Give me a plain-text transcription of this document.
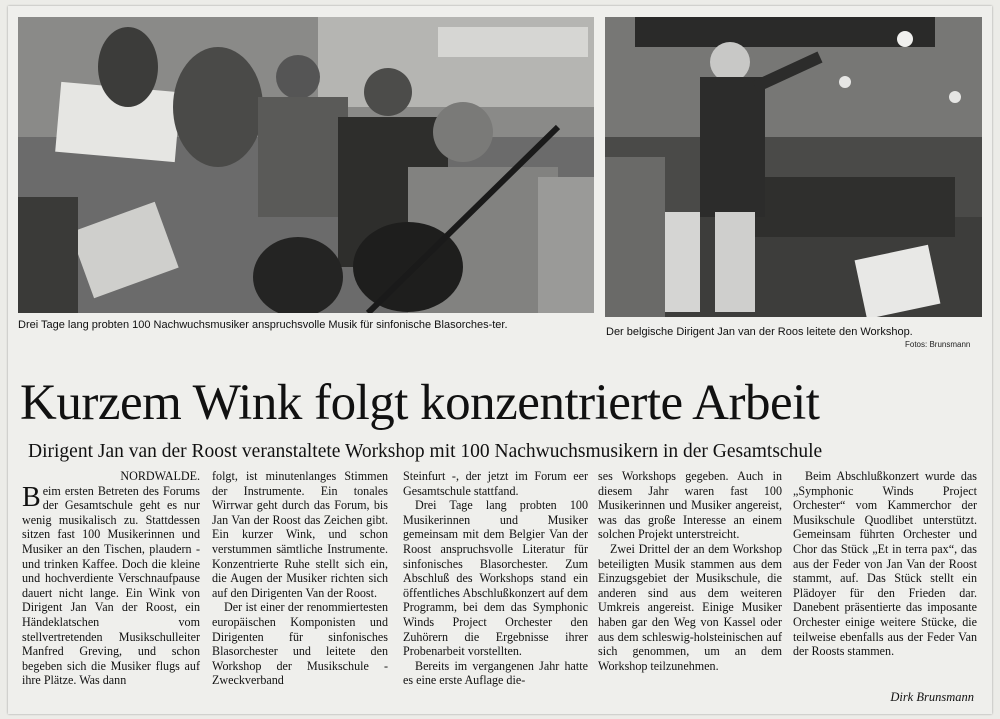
Drei Tage lang probten 100 Nachwuchsmusiker anspruchsvolle Musik für sinfonische Blasorches-ter.
Der belgische Dirigent Jan van der Roos leitete den Workshop.
Fotos: Brunsmann
Kurzem Wink folgt konzentrierte Arbeit
Dirigent Jan van der Roost veranstaltete Workshop mit 100 Nachwuchsmusikern in der Gesamtschule

NORDWALDE.

Beim ersten Betreten des Forums der Gesamtschule geht es nur wenig musikalisch zu. Stattdessen sitzen fast 100 Musikerinnen und Musiker an den Tischen, plaudern - und trinken Kaffee. Doch die kleine und hochverdiente Verschnaufpause dauert nicht lange. Ein Wink von Dirigent Jan Van der Roost, ein Händeklatschen vom stellvertretenden Musikschulleiter Manfred Greving, und schon begeben sich die Musiker flugs auf ihre Plätze. Was dann

folgt, ist minutenlanges Stimmen der Instrumente. Ein tonales Wirrwar geht durch das Forum, bis Jan Van der Roost das Zeichen gibt. Ein kurzer Wink, und schon verstummen sämtliche Instrumente. Konzentrierte Ruhe stellt sich ein, die Augen der Musiker richten sich auf den Dirigenten Van der Roost.

Der ist einer der renommiertesten europäischen Komponisten und Dirigenten für sinfonisches Blasorchester und leitete den Workshop der Musikschule - Zweckverband

Steinfurt -, der jetzt im Forum eer Gesamtschule stattfand.

Drei Tage lang probten 100 Musikerinnen und Musiker gemeinsam mit dem Belgier Van der Roost anspruchsvolle Literatur für sinfonisches Blasorchester. Zum Abschluß des Workshops stand ein öffentliches Abschlußkonzert auf dem Programm, bei dem das Symphonic Winds Project Orchester den Zuhörern die Ergebnisse ihrer Probenarbeit vorstellten.

Bereits im vergangenen Jahr hatte es eine erste Auflage die-

ses Workshops gegeben. Auch in diesem Jahr waren fast 100 Musikerinnen und Musiker angereist, was das große Interesse an einem solchen Projekt unterstreicht.

Zwei Drittel der an dem Workshop beteiligten Musik stammen aus dem Einzugsgebiet der Musikschule, die anderen sind aus dem weiteren Umkreis angereist. Einige Musiker haben gar den Weg von Kassel oder aus dem schleswig-holsteinischen auf sich genommen, um an dem Workshop teilzunehmen.

Beim Abschlußkonzert wurde das „Symphonic Winds Project Orchester“ vom Kammerchor der Musikschule Quodlibet unterstützt. Gemeinsam führten Orchester und Chor das Stück „Et in terra pax“, das aus der Feder von Jan Van der Roost stammt, auf. Das Stück stellt ein Plädoyer für den Frieden dar. Danebent präsentierte das imposante Orchester einige weitere Stücke, die teilweise ebenfalls aus der Feder Van der Roosts stammen.

Dirk Brunsmann
